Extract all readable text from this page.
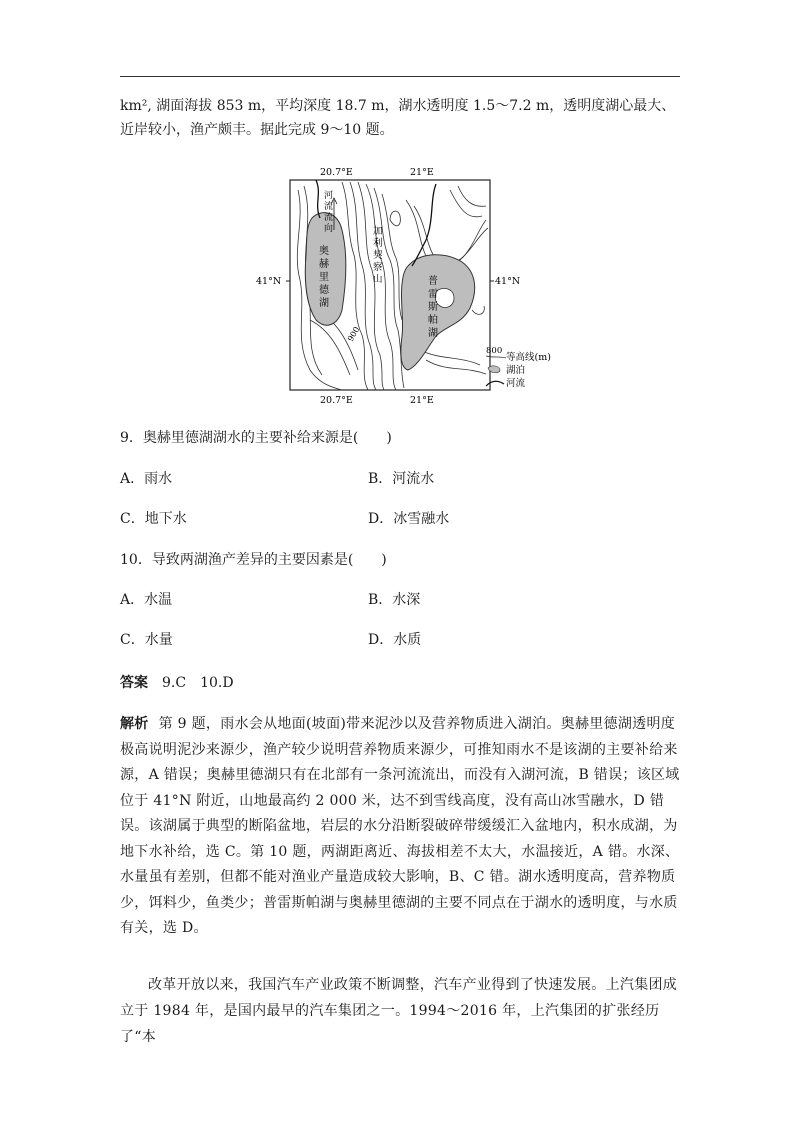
km², 湖面海拔 853 m，平均深度 18.7 m，湖水透明度 1.5～7.2 m，透明度湖心最大、近岸较小，渔产颇丰。据此完成 9～10 题。
20.7°E	21°E
20.7°E	21°E
41°N	41°N
河
流
流
向
奥
赫
里
德
湖
加
利
契
察
山	普
雷
斯
帕
湖
900
800
等高线(m)
湖泊
河流
9．奥赫里德湖湖水的主要补给来源是(　　)
A．雨水	B．河流水
C．地下水	D．冰雪融水
10．导致两湖渔产差异的主要因素是(　　)
A．水温	B．水深
C．水量	D．水质
答案 9.C　10.D
解析 第 9 题，雨水会从地面(坡面)带来泥沙以及营养物质进入湖泊。奥赫里德湖透明度极高说明泥沙来源少，渔产较少说明营养物质来源少，可推知雨水不是该湖的主要补给来源，A 错误；奥赫里德湖只有在北部有一条河流流出，而没有入湖河流，B 错误；该区域位于 41°N 附近，山地最高约 2 000 米，达不到雪线高度，没有高山冰雪融水，D 错误。该湖属于典型的断陷盆地，岩层的水分沿断裂破碎带缓缓汇入盆地内，积水成湖，为地下水补给，选 C。第 10 题，两湖距离近、海拔相差不太大，水温接近，A 错。水深、水量虽有差别，但都不能对渔业产量造成较大影响，B、C 错。湖水透明度高，营养物质少，饵料少，鱼类少；普雷斯帕湖与奥赫里德湖的主要不同点在于湖水的透明度，与水质有关，选 D。
改革开放以来，我国汽车产业政策不断调整，汽车产业得到了快速发展。上汽集团成立于 1984 年，是国内最早的汽车集团之一。1994～2016 年，上汽集团的扩张经历了“本
